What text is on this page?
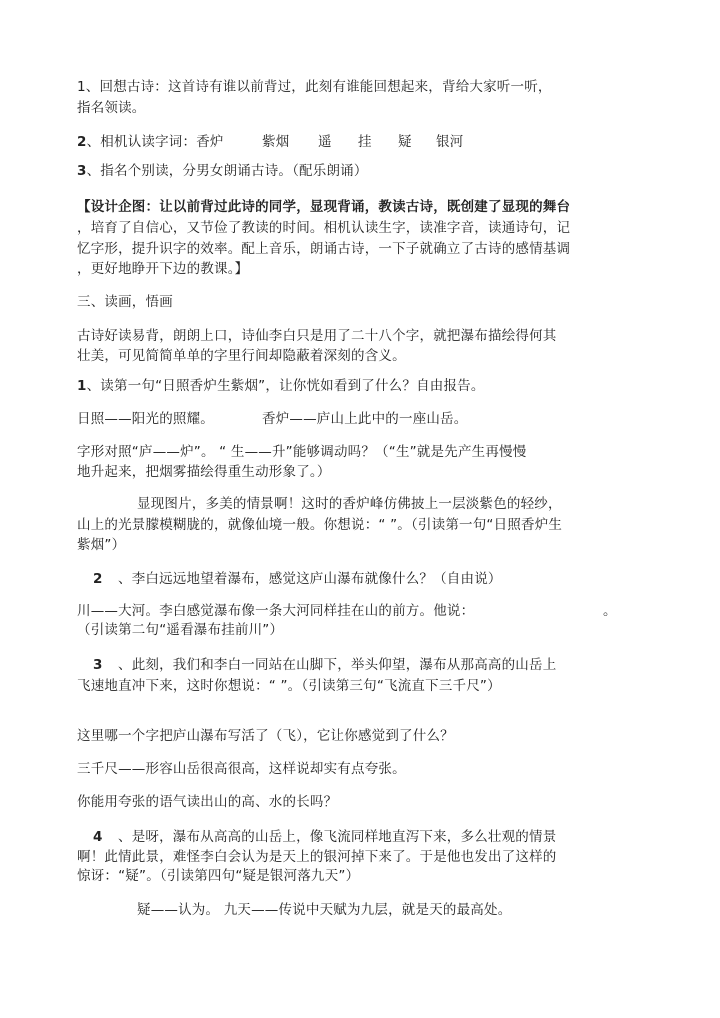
1、回想古诗：这首诗有谁以前背过，此刻有谁能回想起来，背给大家听一听，
指名领读。
2、相机认读字词：香炉	紫烟 遥 挂 疑 银河
3、指名个别读，分男女朗诵古诗。（配乐朗诵）
【设计企图：让以前背过此诗的同学，显现背诵，教读古诗，既创建了显现的舞台
，培育了自信心，又节俭了教读的时间。相机认读生字，读准字音，读通诗句，记
忆字形，提升识字的效率。配上音乐，朗诵古诗，一下子就确立了古诗的感情基调
，更好地睁开下边的教课。】
三、读画，悟画
古诗好读易背，朗朗上口，诗仙李白只是用了二十八个字，就把瀑布描绘得何其
壮美，可见简简单单的字里行间却隐蔽着深刻的含义。
1、读第一句“日照香炉生紫烟”，让你恍如看到了什么？自由报告。
日照——阳光的照耀。	香炉——庐山上此中的一座山岳。
字形对照“庐——炉”。 “ 生——升”能够调动吗？（“生”就是先产生再慢慢
地升起来，把烟雾描绘得重生动形象了。）
显现图片，多美的情景啊！这时的香炉峰仿佛披上一层淡紫色的轻纱，
山上的光景朦模糊胧的，就像仙境一般。你想说：“ ”。（引读第一句“日照香炉生
紫烟”）
2 、李白远远地望着瀑布，感觉这庐山瀑布就像什么？（自由说）
川——大河。李白感觉瀑布像一条大河同样挂在山的前方。他说：	。
（引读第二句“遥看瀑布挂前川”）
3 、此刻，我们和李白一同站在山脚下，举头仰望，瀑布从那高高的山岳上
飞速地直冲下来，这时你想说：“ ”。（引读第三句“飞流直下三千尺”）
这里哪一个字把庐山瀑布写活了（飞），它让你感觉到了什么？
三千尺——形容山岳很高很高，这样说却实有点夸张。
你能用夸张的语气读出山的高、水的长吗？
4 、是呀，瀑布从高高的山岳上，像飞流同样地直泻下来，多么壮观的情景
啊！此情此景，难怪李白会认为是天上的银河掉下来了。于是他也发出了这样的
惊讶：“疑”。（引读第四句“疑是银河落九天”）
疑——认为。 九天——传说中天赋为九层，就是天的最高处。
